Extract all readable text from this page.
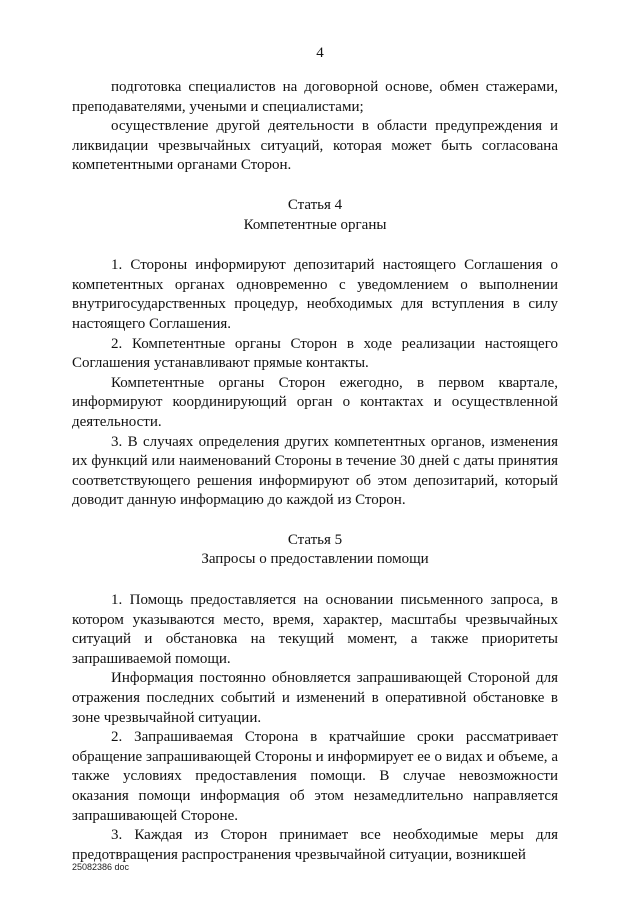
4

подготовка специалистов на договорной основе, обмен стажерами, преподавателями, учеными и специалистами;

осуществление другой деятельности в области предупреждения и ликвидации чрезвычайных ситуаций, которая может быть согласована компетентными органами Сторон.

Статья 4

Компетентные органы

1. Стороны информируют депозитарий настоящего Соглашения о компетентных органах одновременно с уведомлением о выполнении внутригосударственных процедур, необходимых для вступления в силу настоящего Соглашения.

2. Компетентные органы Сторон в ходе реализации настоящего Соглашения устанавливают прямые контакты.

Компетентные органы Сторон ежегодно, в первом квартале, информируют координирующий орган о контактах и осуществленной деятельности.

3. В случаях определения других компетентных органов, изменения их функций или наименований Стороны в течение 30 дней с даты принятия соответствующего решения информируют об этом депозитарий, который доводит данную информацию до каждой из Сторон.

Статья 5

Запросы о предоставлении помощи

1. Помощь предоставляется на основании письменного запроса, в котором указываются место, время, характер, масштабы чрезвычайных ситуаций и обстановка на текущий момент, а также приоритеты запрашиваемой помощи.

Информация постоянно обновляется запрашивающей Стороной для отражения последних событий и изменений в оперативной обстановке в зоне чрезвычайной ситуации.

2. Запрашиваемая Сторона в кратчайшие сроки рассматривает обращение запрашивающей Стороны и информирует ее о видах и объеме, а также условиях предоставления помощи. В случае невозможности оказания помощи информация об этом незамедлительно направляется запрашивающей Стороне.

3. Каждая из Сторон принимает все необходимые меры для предотвращения распространения чрезвычайной ситуации, возникшей

25082386 doc
